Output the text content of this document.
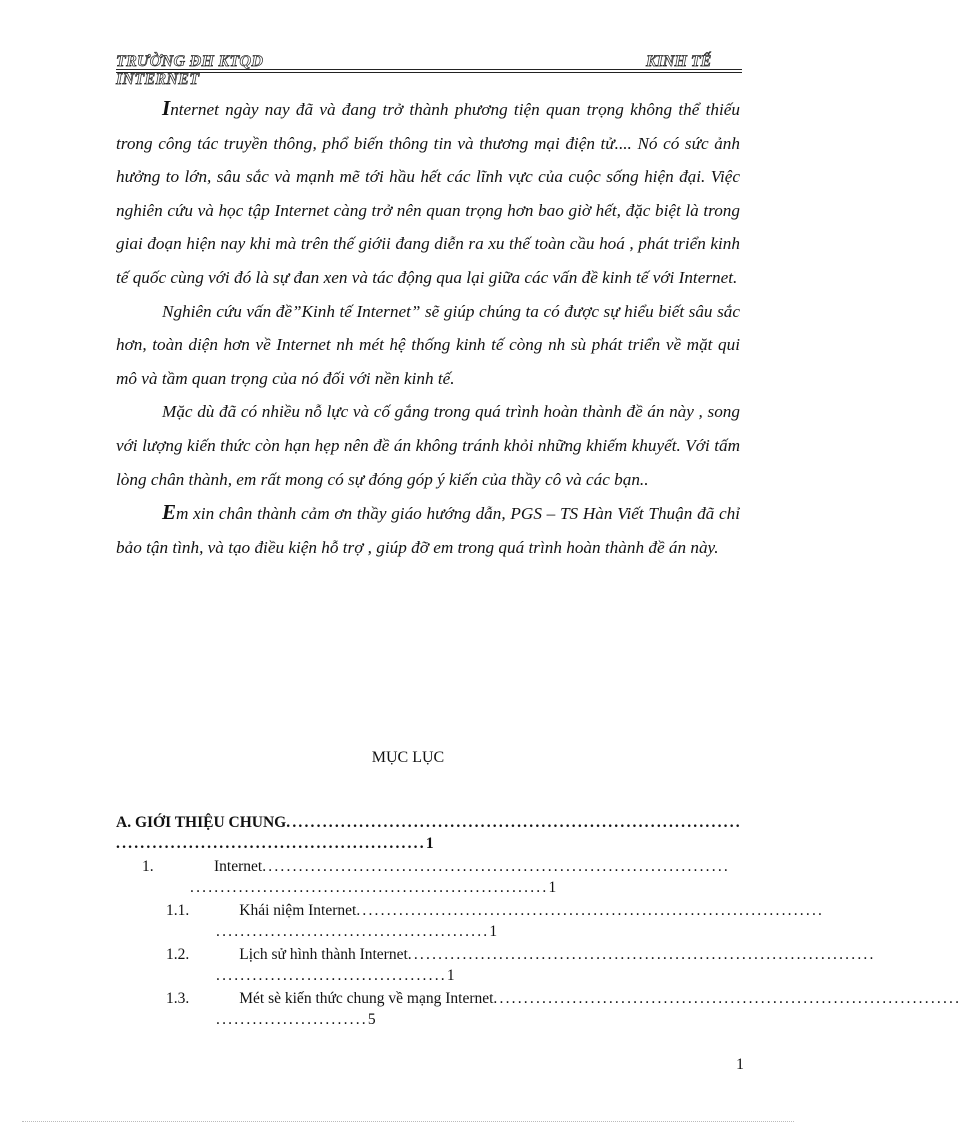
TRƯỜNG ĐH KTQD
INTERNET
KINH TẾ

Internet ngày nay đã và đang trở thành phương tiện quan trọng không thể thiếu trong công tác truyền thông, phổ biến thông tin và thương mại điện tử.... Nó có sức ảnh hưởng to lớn, sâu sắc và mạnh mẽ tới hầu hết các lĩnh vực của cuộc sống hiện đại. Việc nghiên cứu và học tập Internet càng trở nên quan trọng hơn bao giờ hết, đặc biệt là trong giai đoạn hiện nay khi mà trên thế giớii đang diễn ra xu thế toàn cầu hoá , phát triển kinh tế quốc cùng với đó là sự đan xen và tác động qua lại giữa các vấn đề kinh tế với Internet.

Nghiên cứu vấn đề”Kinh tế Internet” sẽ giúp chúng ta có được sự hiểu biết sâu sắc hơn, toàn diện hơn về Internet nh mét hệ thống kinh tế còng nh sù phát triển về mặt qui mô và tầm quan trọng của nó đối với nền kinh tế.

Mặc dù đã có nhiều nỗ lực và cố gắng trong quá trình hoàn thành đề án này , song với lượng kiến thức còn hạn hẹp nên đề án không tránh khỏi những khiếm khuyết. Với tấm lòng chân thành, em rất mong có sự đóng góp ý kiến của thầy cô và các bạn..

Em xin chân thành cảm ơn thầy giáo hướng dẫn, PGS – TS Hàn Viết Thuận đã chỉ bảo tận tình, và tạo điều kiện hỗ trợ , giúp đỡ em trong quá trình hoàn thành đề án này.

MỤC LỤC
A. GIỚI THIỆU CHUNG ...........................................................................
................................................... 1
1.	Internet .............................................................................
........................................................... 1
1.1.	Khái niệm Internet .............................................................................
............................................. 1
1.2.	Lịch sử hình thành Internet .............................................................................
...................................... 1
1.3.	Mét sè kiến thức chung về mạng Internet .............................................................................
......................... 5
1
